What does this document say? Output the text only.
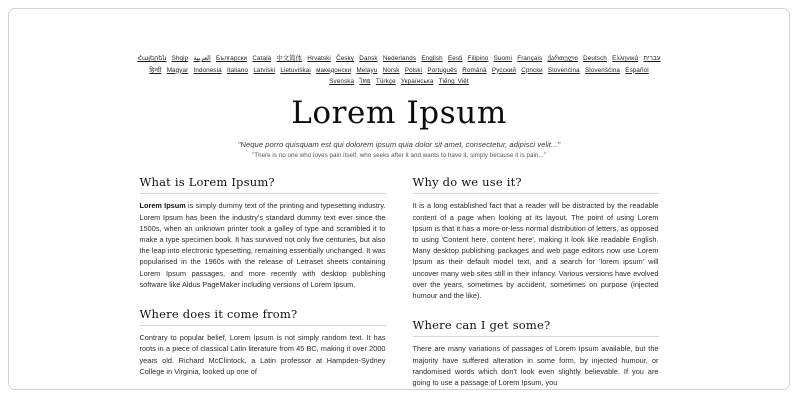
Հայերեն Shqip العربية Български Català 中文简体 Hrvatski Česky Dansk Nederlands English Eesti Filipino Suomi Français ქართული Deutsch Ελληνικά עברית हिन्दी Magyar Indonesia Italiano Latviski Lietuviškai македонски Melayu Norsk Polski Português Română Русский Српски Slovenčina Slovenščina Español Svenska ไทย Türkçe Українська Tiếng Việt
Lorem Ipsum
"Neque porro quisquam est qui dolorem ipsum quia dolor sit amet, consectetur, adipisci velit..."
"There is no one who loves pain itself, who seeks after it and wants to have it, simply because it is pain..."
What is Lorem Ipsum?

Lorem Ipsum is simply dummy text of the printing and typesetting industry. Lorem Ipsum has been the industry's standard dummy text ever since the 1500s, when an unknown printer took a galley of type and scrambled it to make a type specimen book. It has survived not only five centuries, but also the leap into electronic typesetting, remaining essentially unchanged. It was popularised in the 1960s with the release of Letraset sheets containing Lorem Ipsum passages, and more recently with desktop publishing software like Aldus PageMaker including versions of Lorem Ipsum.

Where does it come from?

Contrary to popular belief, Lorem Ipsum is not simply random text. It has roots in a piece of classical Latin literature from 45 BC, making it over 2000 years old. Richard McClintock, a Latin professor at Hampden-Sydney College in Virginia, looked up one of

Why do we use it?

It is a long established fact that a reader will be distracted by the readable content of a page when looking at its layout. The point of using Lorem Ipsum is that it has a more-or-less normal distribution of letters, as opposed to using 'Content here, content here', making it look like readable English. Many desktop publishing packages and web page editors now use Lorem Ipsum as their default model text, and a search for 'lorem ipsum' will uncover many web sites still in their infancy. Various versions have evolved over the years, sometimes by accident, sometimes on purpose (injected humour and the like).

Where can I get some?

There are many variations of passages of Lorem Ipsum available, but the majority have suffered alteration in some form, by injected humour, or randomised words which don't look even slightly believable. If you are going to use a passage of Lorem Ipsum, you
